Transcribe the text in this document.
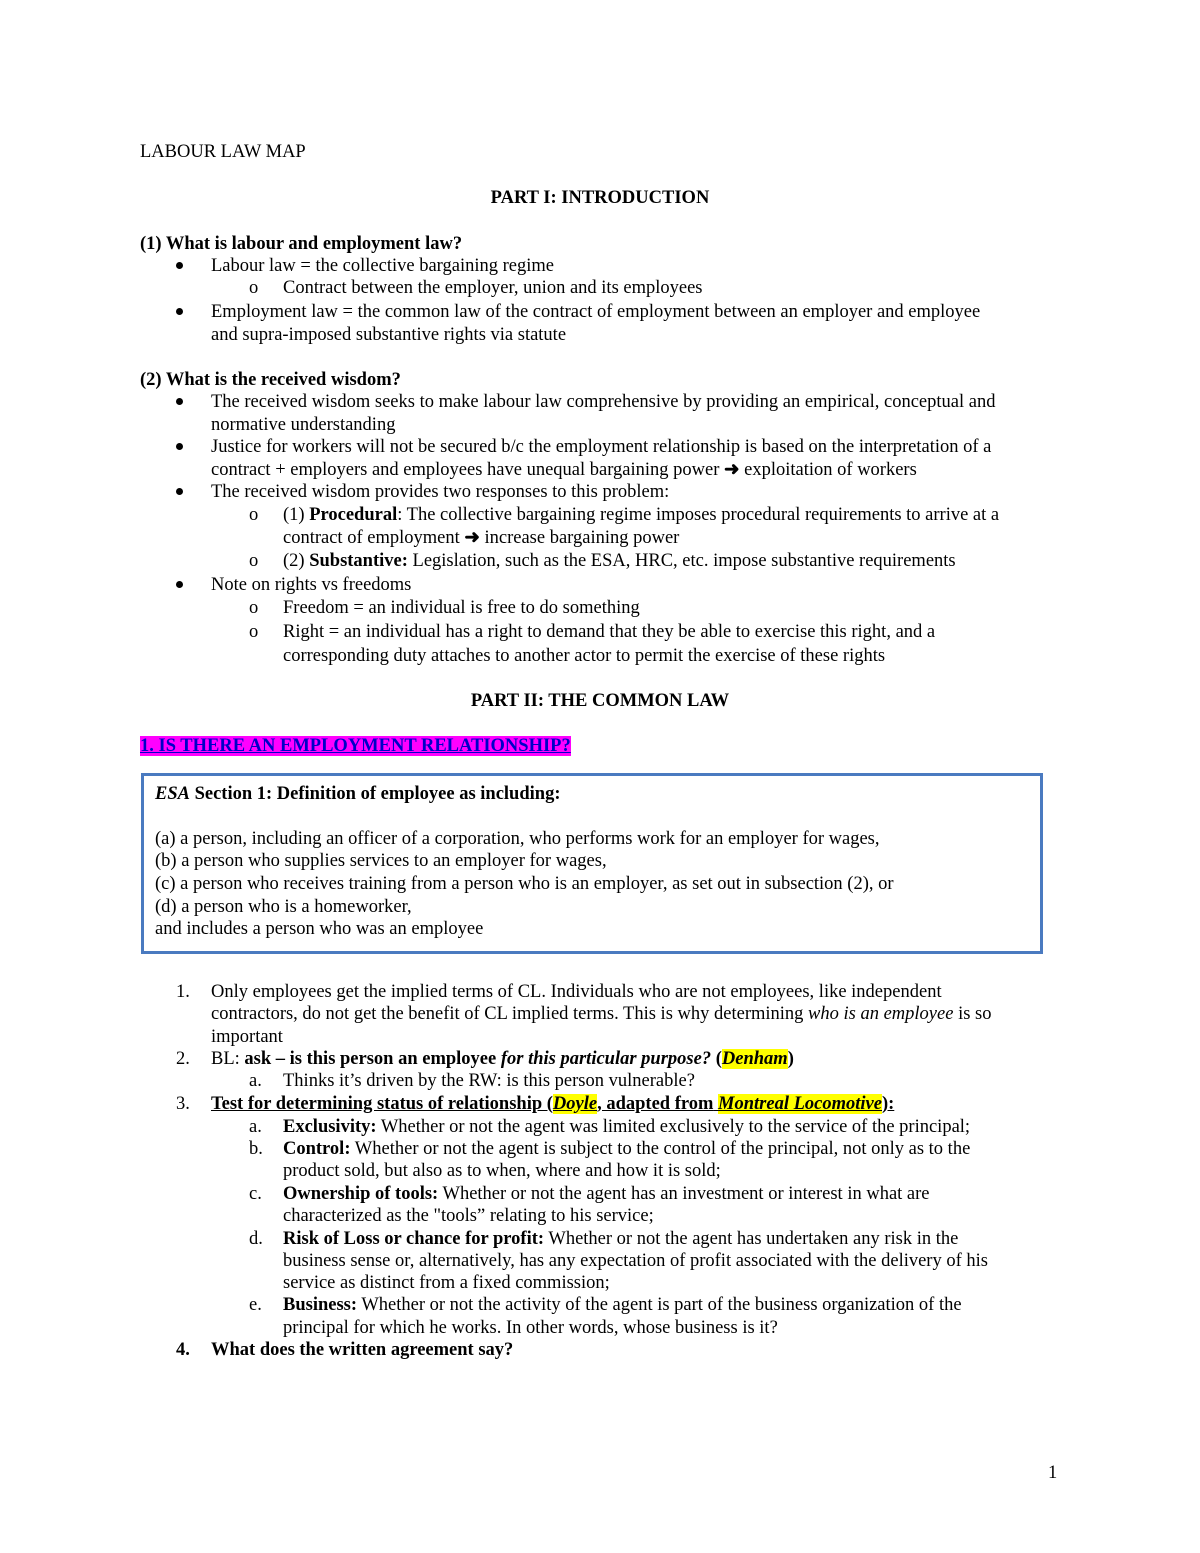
LABOUR LAW MAP
PART I: INTRODUCTION
(1) What is labour and employment law?
Labour law = the collective bargaining regime
o Contract between the employer, union and its employees
Employment law = the common law of the contract of employment between an employer and employee
and supra-imposed substantive rights via statute
(2) What is the received wisdom?
The received wisdom seeks to make labour law comprehensive by providing an empirical, conceptual and
normative understanding
Justice for workers will not be secured b/c the employment relationship is based on the interpretation of a
contract + employers and employees have unequal bargaining power ➜ exploitation of workers
The received wisdom provides two responses to this problem:
o (1) Procedural: The collective bargaining regime imposes procedural requirements to arrive at a
contract of employment ➜ increase bargaining power
o (2) Substantive: Legislation, such as the ESA, HRC, etc. impose substantive requirements
Note on rights vs freedoms
o Freedom = an individual is free to do something
o Right = an individual has a right to demand that they be able to exercise this right, and a
corresponding duty attaches to another actor to permit the exercise of these rights
PART II: THE COMMON LAW
1. IS THERE AN EMPLOYMENT RELATIONSHIP?
ESA Section 1: Definition of employee as including:
(a) a person, including an officer of a corporation, who performs work for an employer for wages,
(b) a person who supplies services to an employer for wages,
(c) a person who receives training from a person who is an employer, as set out in subsection (2), or
(d) a person who is a homeworker,
and includes a person who was an employee
1. Only employees get the implied terms of CL. Individuals who are not employees, like independent
contractors, do not get the benefit of CL implied terms. This is why determining who is an employee is so
important
2. BL: ask – is this person an employee for this particular purpose? (Denham)
a. Thinks it’s driven by the RW: is this person vulnerable?
3. Test for determining status of relationship (Doyle, adapted from Montreal Locomotive):
a. Exclusivity: Whether or not the agent was limited exclusively to the service of the principal;
b. Control: Whether or not the agent is subject to the control of the principal, not only as to the
product sold, but also as to when, where and how it is sold;
c. Ownership of tools: Whether or not the agent has an investment or interest in what are
characterized as the "tools” relating to his service;
d. Risk of Loss or chance for profit: Whether or not the agent has undertaken any risk in the
business sense or, alternatively, has any expectation of profit associated with the delivery of his
service as distinct from a fixed commission;
e. Business: Whether or not the activity of the agent is part of the business organization of the
principal for which he works. In other words, whose business is it?
4. What does the written agreement say?
1
